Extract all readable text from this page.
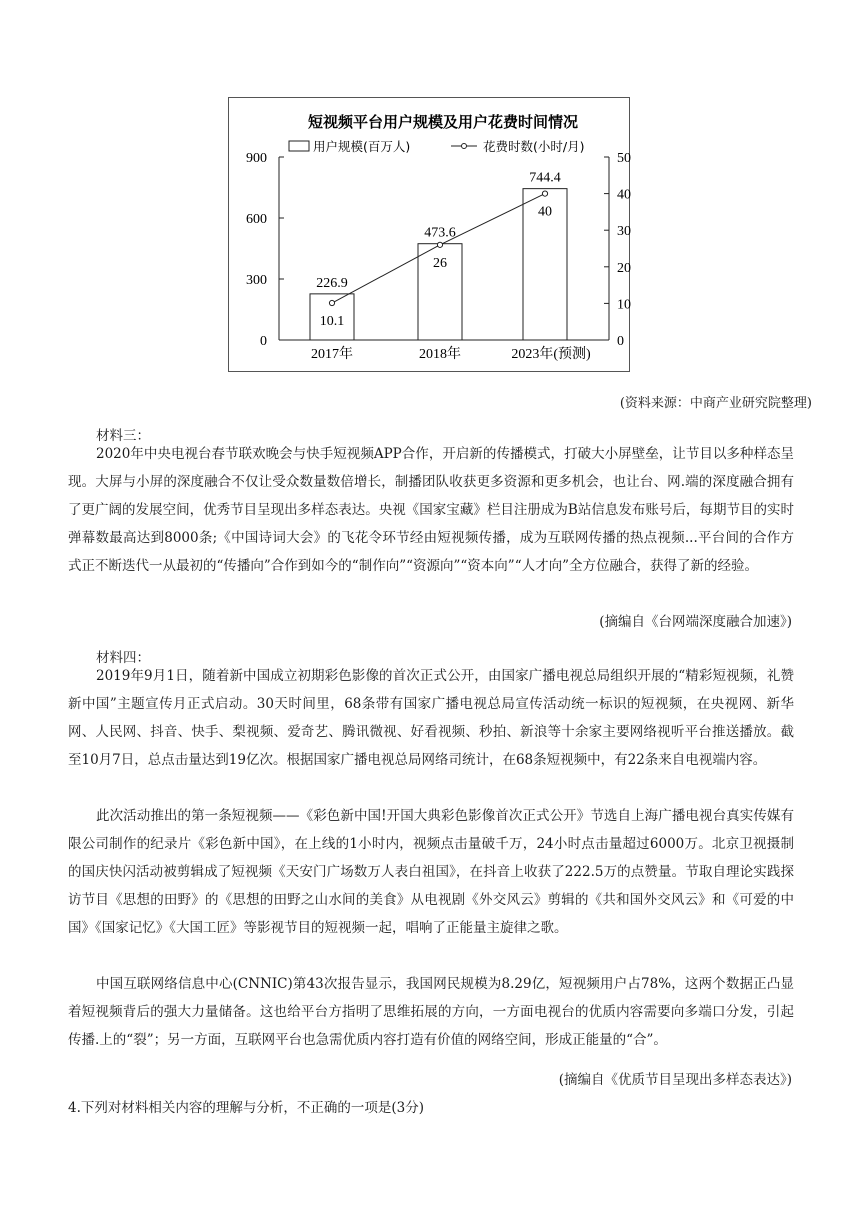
短视频平台用户规模及用户花费时间情况
用户规模(百万人)	花费时数(小时/月)
0
300
600
900
0
10
20
30
40
50
2017年	2018年	2023年(预测)
226.9
473.6
744.4
10.1
26
40
(资料来源：中商产业研究院整理)
材料三：

2020年中央电视台春节联欢晚会与快手短视频APP合作，开启新的传播模式，打破大小屏壁垒，让节目以多种样态呈现。大屏与小屏的深度融合不仅让受众数量数倍增长，制播团队收获更多资源和更多机会，也让台、网.端的深度融合拥有了更广阔的发展空间，优秀节目呈现出多样态表达。央视《国家宝藏》栏目注册成为B站信息发布账号后，每期节目的实时弹幕数最高达到8000条;《中国诗词大会》的飞花令环节经由短视频传播，成为互联网传播的热点视频...平台间的合作方式正不断迭代一从最初的“传播向”合作到如今的“制作向”“资源向”“资本向”“人才向”全方位融合，获得了新的经验。

(摘编自《台网端深度融合加速》)
材料四：

2019年9月1日，随着新中国成立初期彩色影像的首次正式公开，由国家广播电视总局组织开展的“精彩短视频，礼赞新中国”主题宣传月正式启动。30天时间里，68条带有国家广播电视总局宣传活动统一标识的短视频，在央视网、新华网、人民网、抖音、快手、梨视频、爱奇艺、腾讯微视、好看视频、秒拍、新浪等十余家主要网络视听平台推送播放。截至10月7日，总点击量达到19亿次。根据国家广播电视总局网络司统计，在68条短视频中，有22条来自电视端内容。

此次活动推出的第一条短视频——《彩色新中国!开国大典彩色影像首次正式公开》节选自上海广播电视台真实传媒有限公司制作的纪录片《彩色新中国》，在上线的1小时内，视频点击量破千万，24小时点击量超过6000万。北京卫视摄制的国庆快闪活动被剪辑成了短视频《天安门广场数万人表白祖国》，在抖音上收获了222.5万的点赞量。节取自理论实践探访节目《思想的田野》的《思想的田野之山水间的美食》从电视剧《外交风云》剪辑的《共和国外交风云》和《可爱的中国》《国家记忆》《大国工匠》等影视节目的短视频一起，唱响了正能量主旋律之歌。

中国互联网络信息中心(CNNIC)第43次报告显示，我国网民规模为8.29亿，短视频用户占78%，这两个数据正凸显着短视频背后的强大力量储备。这也给平台方指明了思维拓展的方向，一方面电视台的优质内容需要向多端口分发，引起传播.上的“裂”；另一方面，互联网平台也急需优质内容打造有价值的网络空间，形成正能量的“合”。

(摘编自《优质节目呈现出多样态表达》)
4.下列对材料相关内容的理解与分析，不正确的一项是(3分)
